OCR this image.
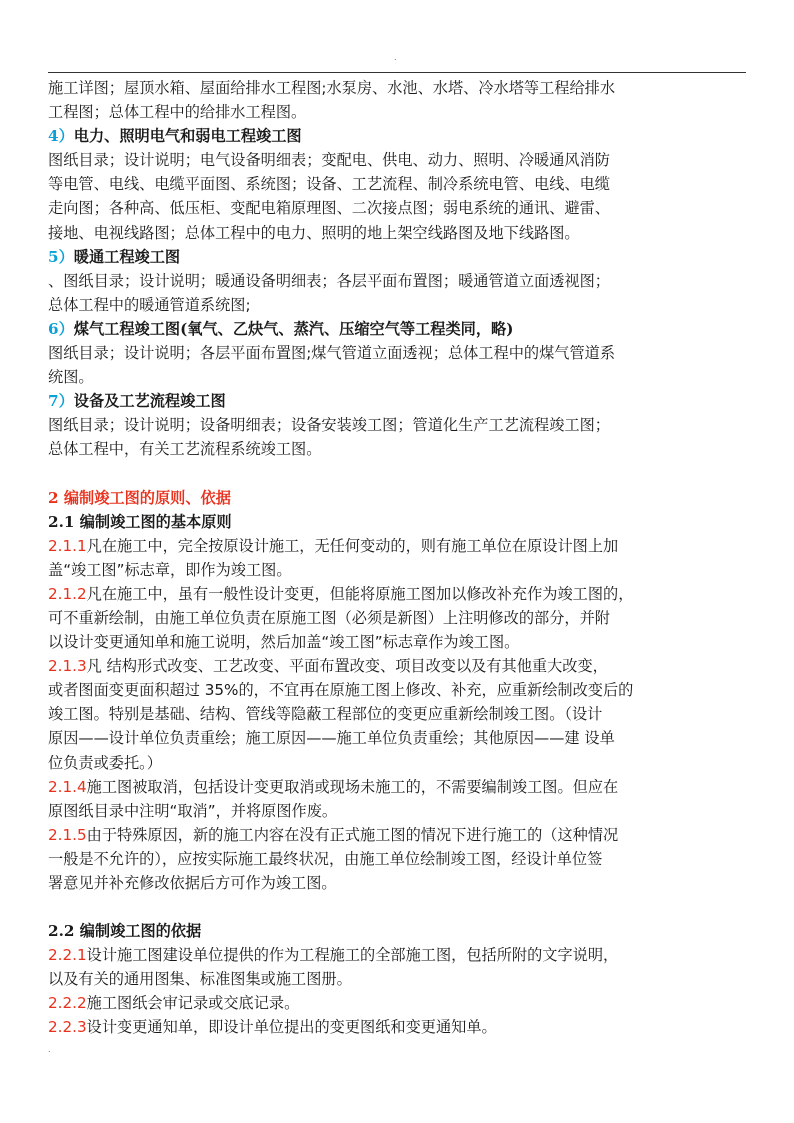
.
施工详图；屋顶水箱、屋面给排水工程图;水泵房、水池、水塔、冷水塔等工程给排水
工程图；总体工程中的给排水工程图。
4）电力、照明电气和弱电工程竣工图
图纸目录；设计说明；电气设备明细表；变配电、供电、动力、照明、冷暖通风消防
等电管、电线、电缆平面图、系统图；设备、工艺流程、制冷系统电管、电线、电缆
走向图；各种高、低压柜、变配电箱原理图、二次接点图；弱电系统的通讯、避雷、
接地、电视线路图；总体工程中的电力、照明的地上架空线路图及地下线路图。
5）暖通工程竣工图
、图纸目录；设计说明；暖通设备明细表；各层平面布置图；暖通管道立面透视图；
总体工程中的暖通管道系统图;
6）煤气工程竣工图(氧气、乙炔气、蒸汽、压缩空气等工程类同，略)
图纸目录；设计说明；各层平面布置图;煤气管道立面透视；总体工程中的煤气管道系
统图。
7）设备及工艺流程竣工图
图纸目录；设计说明；设备明细表；设备安装竣工图；管道化生产工艺流程竣工图；
总体工程中，有关工艺流程系统竣工图。
2 编制竣工图的原则、依据
2.1 编制竣工图的基本原则
2.1.1凡在施工中，完全按原设计施工，无任何变动的，则有施工单位在原设计图上加
盖“竣工图”标志章，即作为竣工图。
2.1.2凡在施工中，虽有一般性设计变更，但能将原施工图加以修改补充作为竣工图的，
可不重新绘制，由施工单位负责在原施工图（必须是新图）上注明修改的部分，并附
以设计变更通知单和施工说明，然后加盖“竣工图”标志章作为竣工图。
2.1.3凡 结构形式改变、工艺改变、平面布置改变、项目改变以及有其他重大改变，
或者图面变更面积超过 35%的，不宜再在原施工图上修改、补充，应重新绘制改变后的
竣工图。特别是基础、结构、管线等隐蔽工程部位的变更应重新绘制竣工图。（设计
原因——设计单位负责重绘；施工原因——施工单位负责重绘；其他原因——建 设单
位负责或委托。）
2.1.4施工图被取消，包括设计变更取消或现场未施工的，不需要编制竣工图。但应在
原图纸目录中注明“取消”，并将原图作废。
2.1.5由于特殊原因，新的施工内容在没有正式施工图的情况下进行施工的（这种情况
一般是不允许的），应按实际施工最终状况，由施工单位绘制竣工图，经设计单位签
署意见并补充修改依据后方可作为竣工图。
2.2 编制竣工图的依据
2.2.1设计施工图建设单位提供的作为工程施工的全部施工图，包括所附的文字说明，
以及有关的通用图集、标准图集或施工图册。
2.2.2施工图纸会审记录或交底记录。
2.2.3设计变更通知单，即设计单位提出的变更图纸和变更通知单。
.
